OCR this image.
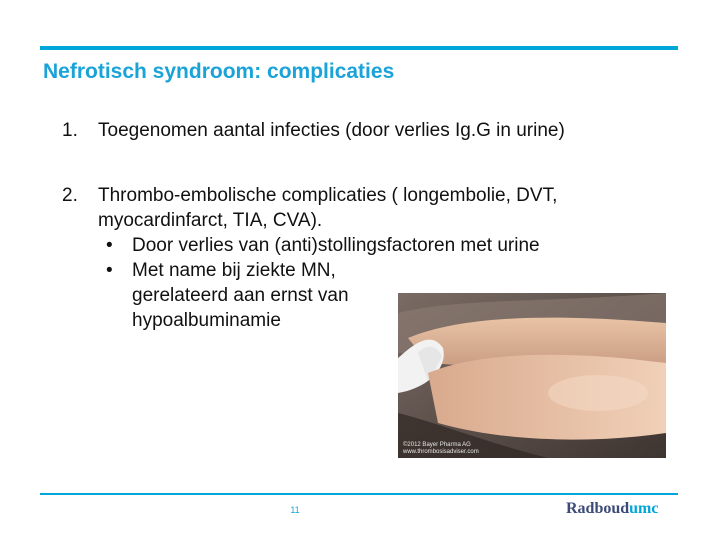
Nefrotisch syndroom: complicaties
1. Toegenomen aantal infecties (door verlies Ig.G in urine)
2. Thrombo-embolische complicaties ( longembolie, DVT, myocardinfarct, TIA, CVA).
• Door verlies van (anti)stollingsfactoren met urine
• Met name bij ziekte MN, gerelateerd aan ernst van hypoalbuminamie
©2012 Bayer Pharma AG
www.thrombosisadviser.com
11	Radboudumc
